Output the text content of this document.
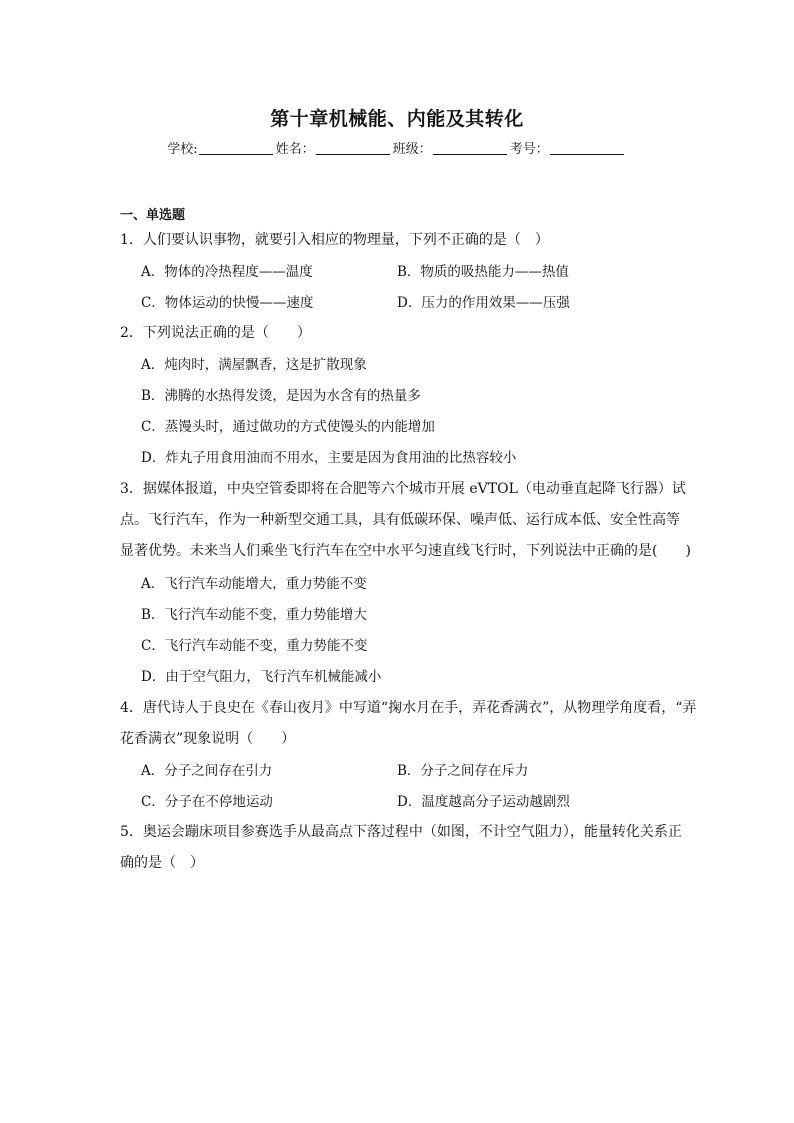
第十章机械能、内能及其转化
学校:	姓名：	班级：	考号：
一、单选题
1．人们要认识事物，就要引入相应的物理量，下列不正确的是（　）
A．物体的冷热程度——温度	B．物质的吸热能力——热值
C．物体运动的快慢——速度	D．压力的作用效果——压强
2．下列说法正确的是（　　）
A．炖肉时，满屋飘香，这是扩散现象
B．沸腾的水热得发烫，是因为水含有的热量多
C．蒸馒头时，通过做功的方式使馒头的内能增加
D．炸丸子用食用油而不用水，主要是因为食用油的比热容较小
3．据媒体报道，中央空管委即将在合肥等六个城市开展 eVTOL（电动垂直起降飞行器）试
点。飞行汽车，作为一种新型交通工具，具有低碳环保、噪声低、运行成本低、安全性高等
显著优势。未来当人们乘坐飞行汽车在空中水平匀速直线飞行时，下列说法中正确的是(　　)
A．飞行汽车动能增大，重力势能不变
B．飞行汽车动能不变，重力势能增大
C．飞行汽车动能不变，重力势能不变
D．由于空气阻力，飞行汽车机械能减小
4．唐代诗人于良史在《春山夜月》中写道“掬水月在手，弄花香满衣”，从物理学角度看，“弄
花香满衣”现象说明（　　）
A．分子之间存在引力	B．分子之间存在斥力
C．分子在不停地运动	D．温度越高分子运动越剧烈
5．奥运会蹦床项目参赛选手从最高点下落过程中（如图，不计空气阻力），能量转化关系正
确的是（　）
